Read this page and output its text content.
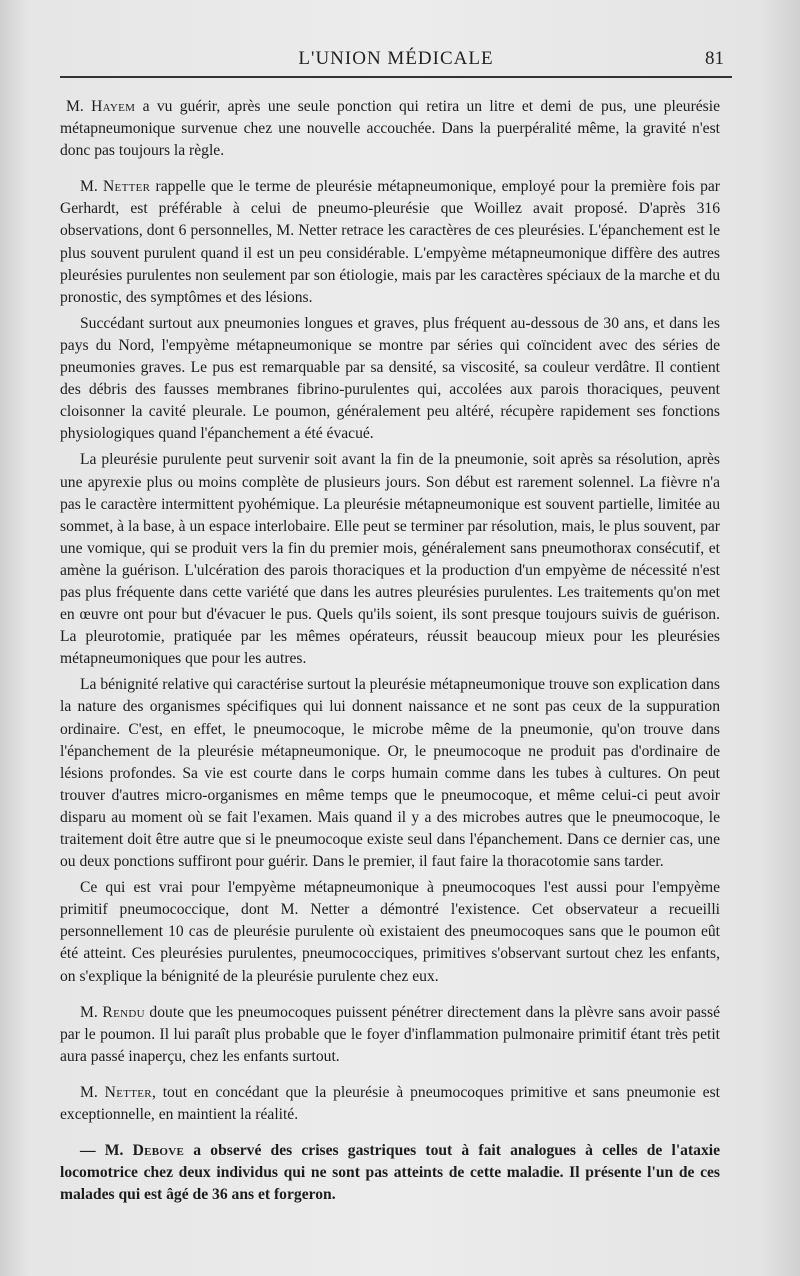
L'UNION MÉDICALE	81

M. Hayem a vu guérir, après une seule ponction qui retira un litre et demi de pus, une pleurésie métapneumonique survenue chez une nouvelle accouchée. Dans la puerpéralité même, la gravité n'est donc pas toujours la règle.

M. Netter rappelle que le terme de pleurésie métapneumonique, employé pour la première fois par Gerhardt, est préférable à celui de pneumo-pleurésie que Woillez avait proposé. D'après 316 observations, dont 6 personnelles, M. Netter retrace les caractères de ces pleurésies. L'épanchement est le plus souvent purulent quand il est un peu considérable. L'empyème métapneumonique diffère des autres pleurésies purulentes non seulement par son étiologie, mais par les caractères spéciaux de la marche et du pronostic, des symptômes et des lésions.

Succédant surtout aux pneumonies longues et graves, plus fréquent au-dessous de 30 ans, et dans les pays du Nord, l'empyème métapneumonique se montre par séries qui coïncident avec des séries de pneumonies graves. Le pus est remarquable par sa densité, sa viscosité, sa couleur verdâtre. Il contient des débris des fausses membranes fibrino-purulentes qui, accolées aux parois thoraciques, peuvent cloisonner la cavité pleurale. Le poumon, généralement peu altéré, récupère rapidement ses fonctions physiologiques quand l'épanchement a été évacué.

La pleurésie purulente peut survenir soit avant la fin de la pneumonie, soit après sa résolution, après une apyrexie plus ou moins complète de plusieurs jours. Son début est rarement solennel. La fièvre n'a pas le caractère intermittent pyohémique. La pleurésie métapneumonique est souvent partielle, limitée au sommet, à la base, à un espace interlobaire. Elle peut se terminer par résolution, mais, le plus souvent, par une vomique, qui se produit vers la fin du premier mois, généralement sans pneumothorax consécutif, et amène la guérison. L'ulcération des parois thoraciques et la production d'un empyème de nécessité n'est pas plus fréquente dans cette variété que dans les autres pleurésies purulentes. Les traitements qu'on met en œuvre ont pour but d'évacuer le pus. Quels qu'ils soient, ils sont presque toujours suivis de guérison. La pleurotomie, pratiquée par les mêmes opérateurs, réussit beaucoup mieux pour les pleurésies métapneumoniques que pour les autres.

La bénignité relative qui caractérise surtout la pleurésie métapneumonique trouve son explication dans la nature des organismes spécifiques qui lui donnent naissance et ne sont pas ceux de la suppuration ordinaire. C'est, en effet, le pneumocoque, le microbe même de la pneumonie, qu'on trouve dans l'épanchement de la pleurésie métapneumonique. Or, le pneumocoque ne produit pas d'ordinaire de lésions profondes. Sa vie est courte dans le corps humain comme dans les tubes à cultures. On peut trouver d'autres micro-organismes en même temps que le pneumocoque, et même celui-ci peut avoir disparu au moment où se fait l'examen. Mais quand il y a des microbes autres que le pneumocoque, le traitement doit être autre que si le pneumocoque existe seul dans l'épanchement. Dans ce dernier cas, une ou deux ponctions suffiront pour guérir. Dans le premier, il faut faire la thoracotomie sans tarder.

Ce qui est vrai pour l'empyème métapneumonique à pneumocoques l'est aussi pour l'empyème primitif pneumococcique, dont M. Netter a démontré l'existence. Cet observateur a recueilli personnellement 10 cas de pleurésie purulente où existaient des pneumocoques sans que le poumon eût été atteint. Ces pleurésies purulentes, pneumococciques, primitives s'observant surtout chez les enfants, on s'explique la bénignité de la pleurésie purulente chez eux.

M. Rendu doute que les pneumocoques puissent pénétrer directement dans la plèvre sans avoir passé par le poumon. Il lui paraît plus probable que le foyer d'inflammation pulmonaire primitif étant très petit aura passé inaperçu, chez les enfants surtout.

M. Netter, tout en concédant que la pleurésie à pneumocoques primitive et sans pneumonie est exceptionnelle, en maintient la réalité.

— M. Debove a observé des crises gastriques tout à fait analogues à celles de l'ataxie locomotrice chez deux individus qui ne sont pas atteints de cette maladie. Il présente l'un de ces malades qui est âgé de 36 ans et forgeron.
